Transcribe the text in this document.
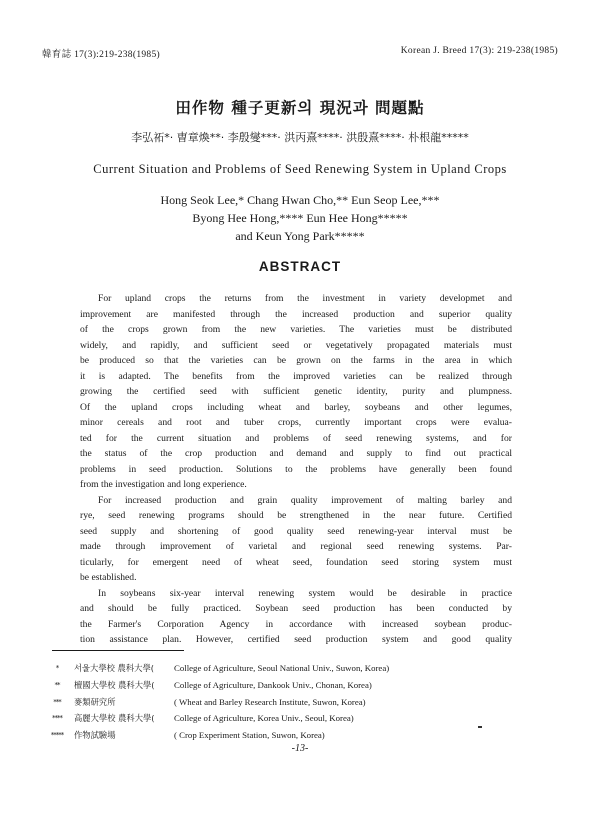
韓育誌 17(3):219-238(1985)	Korean J. Breed 17(3): 219-238(1985)
田作物 種子更新의 現況과 問題點
李弘祏*· 曺章煥**· 李殷燮***· 洪丙熹****· 洪殷熹****· 朴根龍*****
Current Situation and Problems of Seed Renewing System in Upland Crops
Hong Seok Lee,* Chang Hwan Cho,** Eun Seop Lee,***
Byong Hee Hong,**** Eun Hee Hong*****
and Keun Yong Park*****
ABSTRACT
For upland crops the returns from the investment in variety developmet and
improvement are manifested through the increased production and superior quality
of the crops grown from the new varieties. The varieties must be distributed
widely, and rapidly, and sufficient seed or vegetatively propagated materials must
be produced so that the varieties can be grown on the farms in the area in which
it is adapted. The benefits from the improved varieties can be realized through
growing the certified seed with sufficient genetic identity, purity and plumpness.
Of the upland crops including wheat and barley, soybeans and other legumes,
minor cereals and root and tuber crops, currently important crops were evalua-
ted for the current situation and problems of seed renewing systems, and for
the status of the crop production and demand and supply to find out practical
problems in seed production. Solutions to the problems have generally been found
from the investigation and long experience.
For increased production and grain quality improvement of malting barley and
rye, seed renewing programs should be strengthened in the near future. Certified
seed supply and shortening of good quality seed renewing-year interval must be
made through improvement of varietal and regional seed renewing systems. Par-
ticularly, for emergent need of wheat seed, foundation seed storing system must
be established.
In soybeans six-year interval renewing system would be desirable in practice
and should be fully practiced. Soybean seed production has been conducted by
the Farmer's Corporation Agency in accordance with increased soybean produc-
tion assistance plan. However, certified seed production system and good quality
*	서울大學校 農科大學(	College of Agriculture, Seoul National Univ., Suwon, Korea)
**	檀國大學校 農科大學(	College of Agriculture, Dankook Univ., Chonan, Korea)
***	麥類研究所	( Wheat and Barley Research Institute, Suwon, Korea)
****	高麗大學校 農科大學(	College of Agriculture, Korea Univ., Seoul, Korea)
*****	作物試驗場	( Crop Experiment Station, Suwon, Korea)
-13-
